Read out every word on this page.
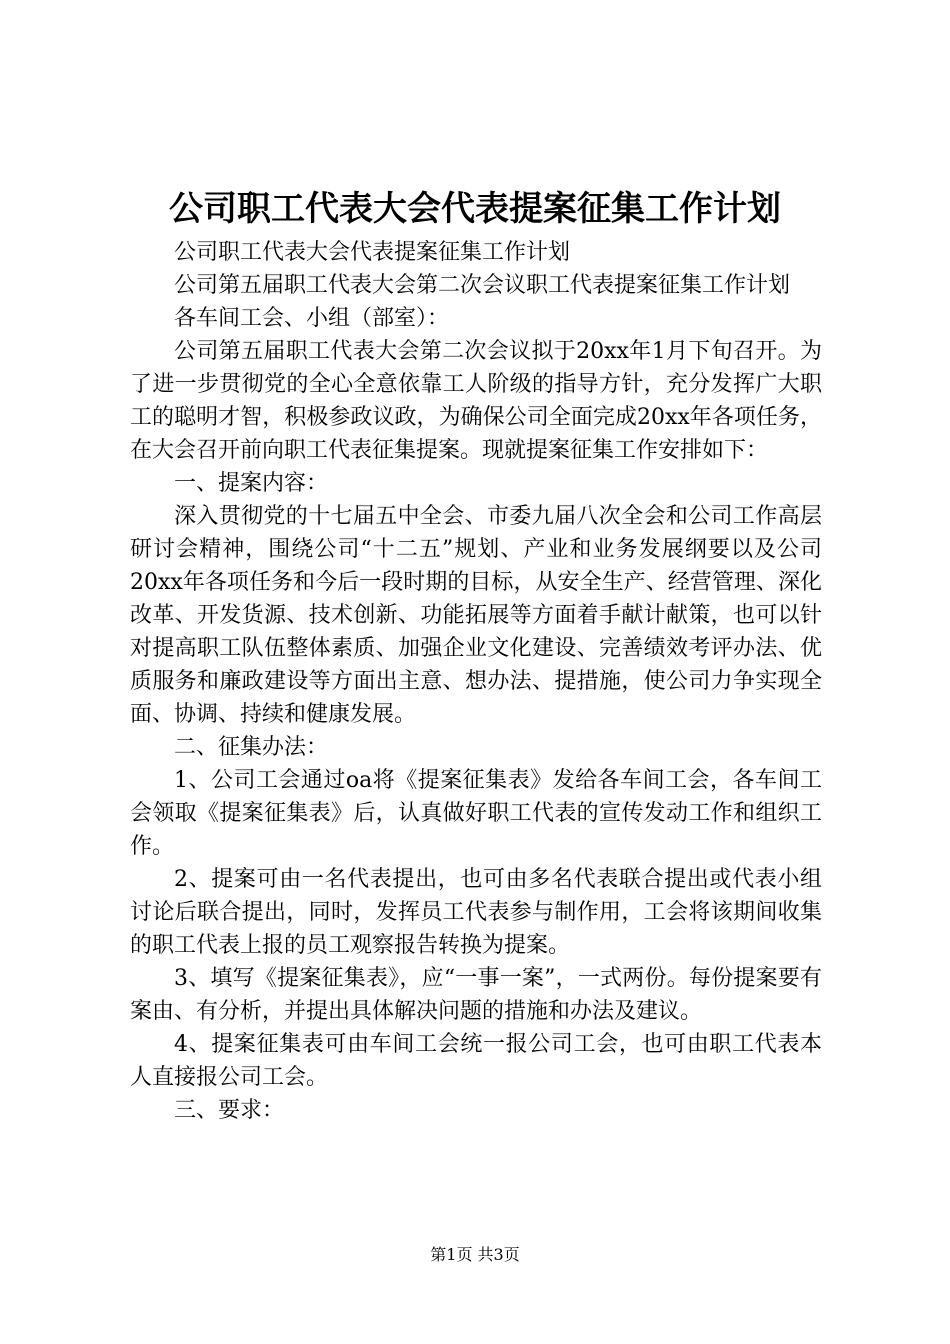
公司职工代表大会代表提案征集工作计划

公司职工代表大会代表提案征集工作计划

公司第五届职工代表大会第二次会议职工代表提案征集工作计划

各车间工会、小组（部室）：

公司第五届职工代表大会第二次会议拟于20xx年1月下旬召开。为了进一步贯彻党的全心全意依靠工人阶级的指导方针，充分发挥广大职工的聪明才智，积极参政议政，为确保公司全面完成20xx年各项任务，在大会召开前向职工代表征集提案。现就提案征集工作安排如下：

一、提案内容：

深入贯彻党的十七届五中全会、市委九届八次全会和公司工作高层研讨会精神，围绕公司“十二五”规划、产业和业务发展纲要以及公司20xx年各项任务和今后一段时期的目标，从安全生产、经营管理、深化改革、开发货源、技术创新、功能拓展等方面着手献计献策，也可以针对提高职工队伍整体素质、加强企业文化建设、完善绩效考评办法、优质服务和廉政建设等方面出主意、想办法、提措施，使公司力争实现全面、协调、持续和健康发展。

二、征集办法：

1、公司工会通过oa将《提案征集表》发给各车间工会，各车间工会领取《提案征集表》后，认真做好职工代表的宣传发动工作和组织工作。

2、提案可由一名代表提出，也可由多名代表联合提出或代表小组讨论后联合提出，同时，发挥员工代表参与制作用，工会将该期间收集的职工代表上报的员工观察报告转换为提案。

3、填写《提案征集表》，应“一事一案”，一式两份。每份提案要有案由、有分析，并提出具体解决问题的措施和办法及建议。

4、提案征集表可由车间工会统一报公司工会，也可由职工代表本人直接报公司工会。

三、要求：

第1页 共3页
